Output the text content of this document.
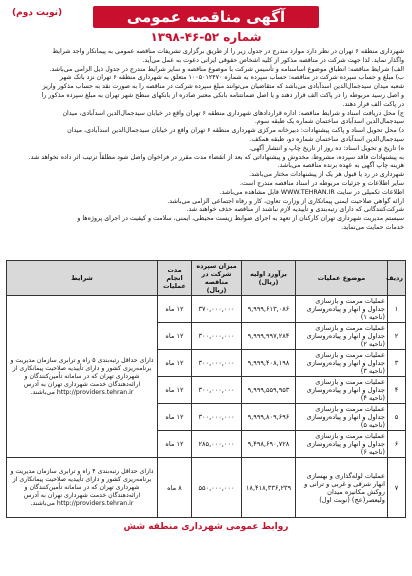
(نوبت دوم)	آگهی مناقصه عمومی
شماره ۵۲-۴۶-۱۳۹۸

شهرداری منطقه ۶ تهران در نظر دارد موارد مندرج در جدول زیر را از طریق برگزاری تشریفات مناقصه عمومی به پیمانکار واجد شرایط

واگذار نماید. لذا جهت شرکت در مناقصه مذکور از کلیه اشخاص حقوقی ایرانی دعوت به عمل می‌آید.

الف) شرایط مناقصه: انطباق موضوع اساسنامه و تأسیس شرکت با موضوع مناقصه و سایر شرایط مندرج در جدول ذیل الزامی می‌باشد.

ب) مبلغ و حساب سپرده شرکت در مناقصه: حساب سپرده به شماره ۱۰۰۵۰۱۲۴۷۰ متعلق به شهرداری منطقه ۶ تهران نزد بانک شهر

شعبه میدان سید‌جمال‌الدین اسدآبادی می‌باشد که متقاضیان می‌توانند مبلغ سپرده شرکت در مناقصه را به صورت نقد به حساب مذکور واریز

و اصل رسید مربوطه را در پاکت الف قرار دهند و یا اصل ضمانتنامه بانکی معتبر صادره از بانکهای سطح شهر تهران به مبلغ سپرده مذکور را

در پاکت الف قرار دهند.

ج) محل دریافت اسناد و شرایط مناقصه: اداره قراردادهای شهرداری منطقه ۶ تهران واقع در خیابان سید‌جمال‌الدین اسدآبادی، میدان

سید‌جمال‌الدین اسدآبادی ساختمان شماره یک طبقه سوم.

د) محل تحویل اسناد و پاکت پیشنهادات: دبیرخانه مرکزی شهرداری منطقه ۶ تهران واقع در خیابان سید‌جمال‌الدین اسدآبادی، میدان

سید‌جمال‌الدین اسدآبادی ساختمان شماره دو، طبقه همکف.

ه) تاریخ و تحویل اسناد: ده روز از تاریخ چاپ و انتشار آگهی.

به پیشنهادات فاقد سپرده، مشروط، مخدوش و پیشنهاداتی که بعد از انقضاء مدت مقرر در فراخوان واصل شود مطلقاً ترتیب اثر داده نخواهد شد.

هزینه چاپ آگهی به عهده برنده مناقصه می‌باشد.

شهرداری در رد یا قبول هر یک از پیشنهادات مختار می‌باشد.

سایر اطلاعات و جزئیات مربوطه در اسناد مناقصه مندرج است.

اطلاعات تکمیلی در سایت WWW.TEHRAN.IR قابل مشاهده می‌باشد.

ارائه گواهی صلاحیت ایمنی پیمانکاری از وزارت تعاون، کار و رفاه اجتماعی الزامی می‌باشد.

شرکت‌کنندگانی که دارای رتبه‌بندی و تأییدیه لازم نباشند از مناقصه حذف خواهند شد.

سیستم مدیریت شهرداری تهران کارکنان از تعهد به اجرای ضوابط زیست محیطی، ایمنی، سلامت و کیفیت در اجرای پروژه‌ها و

خدمات حمایت می‌نماید.

ردیف	موضوع عملیات	برآورد اولیه (ریال)	میزان سپرده شرکت در مناقصه (ریال)	مدت انجام عملیات	شرایط
۱	عملیات مرمت و بازسازی جداول و انهار و پیاده‌روسازی (ناحیه ۱)	۹,۹۹۹,۶۱۳,۰۸۶	۳۷۰,۰۰۰,۰۰۰	۱۲ ماه	دارای حداقل رتبه‌بندی ۵ راه و ترابری سازمان مدیریت و برنامه‌ریزی کشور و دارای تأییدیه صلاحیت پیمانکاری از شهرداری تهران که در سامانه تأمین‌کنندگان و ارائه‌دهندگان خدمت شهرداری تهران به آدرس http://providers.tehran.ir می‌باشند.
۲	عملیات مرمت و بازسازی جداول و انهار و پیاده‌روسازی (ناحیه ۲)	۹,۹۹۹,۹۹۷,۲۸۴	۳۰۰,۰۰۰,۰۰۰	۱۲ ماه	
۳	عملیات مرمت و بازسازی جداول و انهار و پیاده‌روسازی (ناحیه ۳)	۹,۹۹۹,۴۰۸,۱۹۸	۳۰۰,۰۰۰,۰۰۰	۱۲ ماه	
۴	عملیات مرمت و بازسازی جداول و انهار و پیاده‌روسازی (ناحیه ۴)	۹,۹۹۹,۵۵۹,۹۵۳	۳۰۰,۰۰۰,۰۰۰	۱۲ ماه	
۵	عملیات مرمت و بازسازی جداول و انهار و پیاده‌روسازی (ناحیه ۵)	۹,۹۹۹,۸۰۹,۶۹۶	۳۰۰,۰۰۰,۰۰۰	۱۲ ماه	
۶	عملیات مرمت و بازسازی جداول و انهار و پیاده‌روسازی (ناحیه ۶)	۹,۴۹۸,۶۹۰,۷۲۸	۲۸۵,۰۰۰,۰۰۰	۱۲ ماه	
۷	عملیات لوله‌گذاری و بهسازی انهار شرقی و غربی و ترانی و روکش مکانیزه میدان ولیعصر(عج) (نوبت اول)	۱۸,۴۱۸,۳۳۶,۲۳۹	۵۵۰,۰۰۰,۰۰۰	۸ ماه	دارای حداقل رتبه‌بندی ۴ راه و ترابری سازمان مدیریت و برنامه‌ریزی کشور و دارای تأییدیه صلاحیت پیمانکاری از شهرداری تهران که در سامانه تأمین‌کنندگان و ارائه‌دهندگان خدمت شهرداری تهران به آدرس http://providers.tehran.ir می‌باشند.
روابط عمومی شهرداری منطقه شش
